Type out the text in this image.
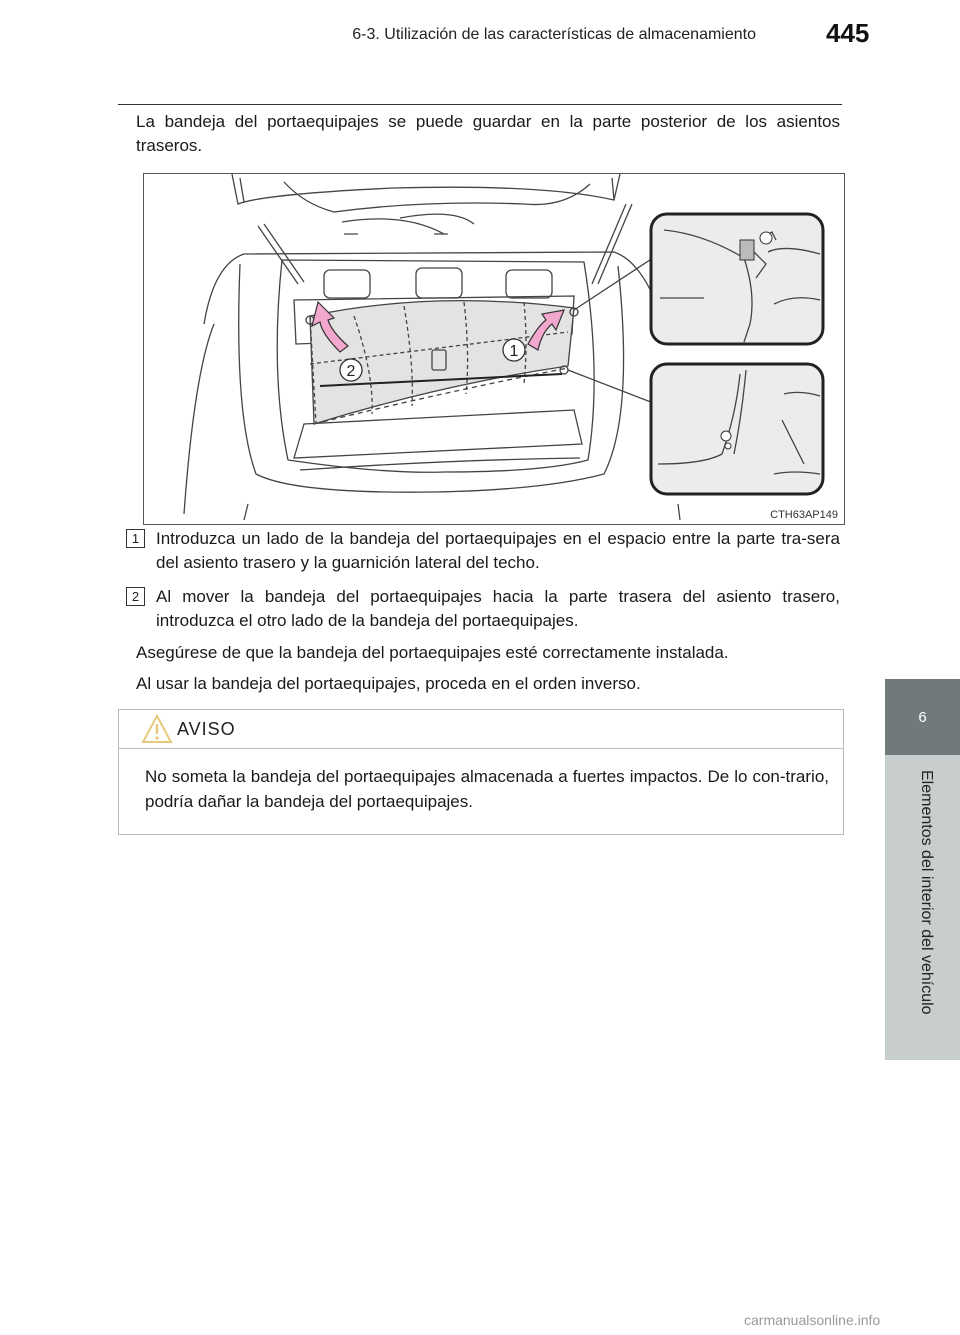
6-3. Utilización de las características de almacenamiento	445
6
Elementos del interior del vehículo
La bandeja del portaequipajes se puede guardar en la parte posterior de los asientos traseros.
2
1
CTH63AP149
1 Introduzca un lado de la bandeja del portaequipajes en el espacio entre la parte tra-sera del asiento trasero y la guarnición lateral del techo.
2 Al mover la bandeja del portaequipajes hacia la parte trasera del asiento trasero, introduzca el otro lado de la bandeja del portaequipajes.
Asegúrese de que la bandeja del portaequipajes esté correctamente instalada.
Al usar la bandeja del portaequipajes, proceda en el orden inverso.
AVISO
No someta la bandeja del portaequipajes almacenada a fuertes impactos. De lo con-trario, podría dañar la bandeja del portaequipajes.
carmanualsonline.info
